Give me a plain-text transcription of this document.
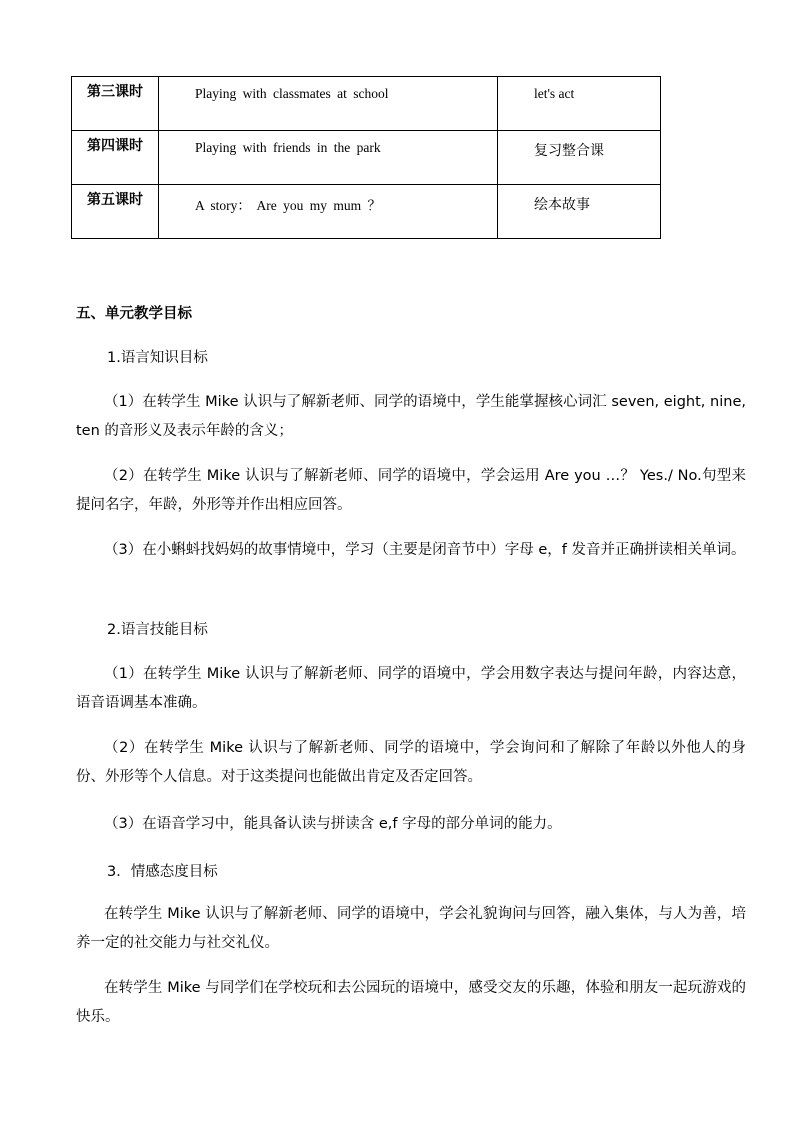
第三课时	Playing with classmates at school	let's act
第四课时	Playing with friends in the park	复习整合课
第五课时	A story： Are you my mum ？	绘本故事
五、单元教学目标
1.语言知识目标
（1）在转学生 Mike 认识与了解新老师、同学的语境中，学生能掌握核心词汇 seven, eight, nine, ten 的音形义及表示年龄的含义；
（2）在转学生 Mike 认识与了解新老师、同学的语境中，学会运用 Are you …？ Yes./ No.句型来提问名字，年龄，外形等并作出相应回答。
（3）在小蝌蚪找妈妈的故事情境中，学习（主要是闭音节中）字母 e，f 发音并正确拼读相关单词。
2.语言技能目标
（1）在转学生 Mike 认识与了解新老师、同学的语境中，学会用数字表达与提问年龄，内容达意，语音语调基本准确。
（2）在转学生 Mike 认识与了解新老师、同学的语境中，学会询问和了解除了年龄以外他人的身份、外形等个人信息。对于这类提问也能做出肯定及否定回答。
（3）在语音学习中，能具备认读与拼读含 e,f 字母的部分单词的能力。
3．情感态度目标
在转学生 Mike 认识与了解新老师、同学的语境中，学会礼貌询问与回答，融入集体，与人为善，培养一定的社交能力与社交礼仪。
在转学生 Mike 与同学们在学校玩和去公园玩的语境中，感受交友的乐趣，体验和朋友一起玩游戏的快乐。
